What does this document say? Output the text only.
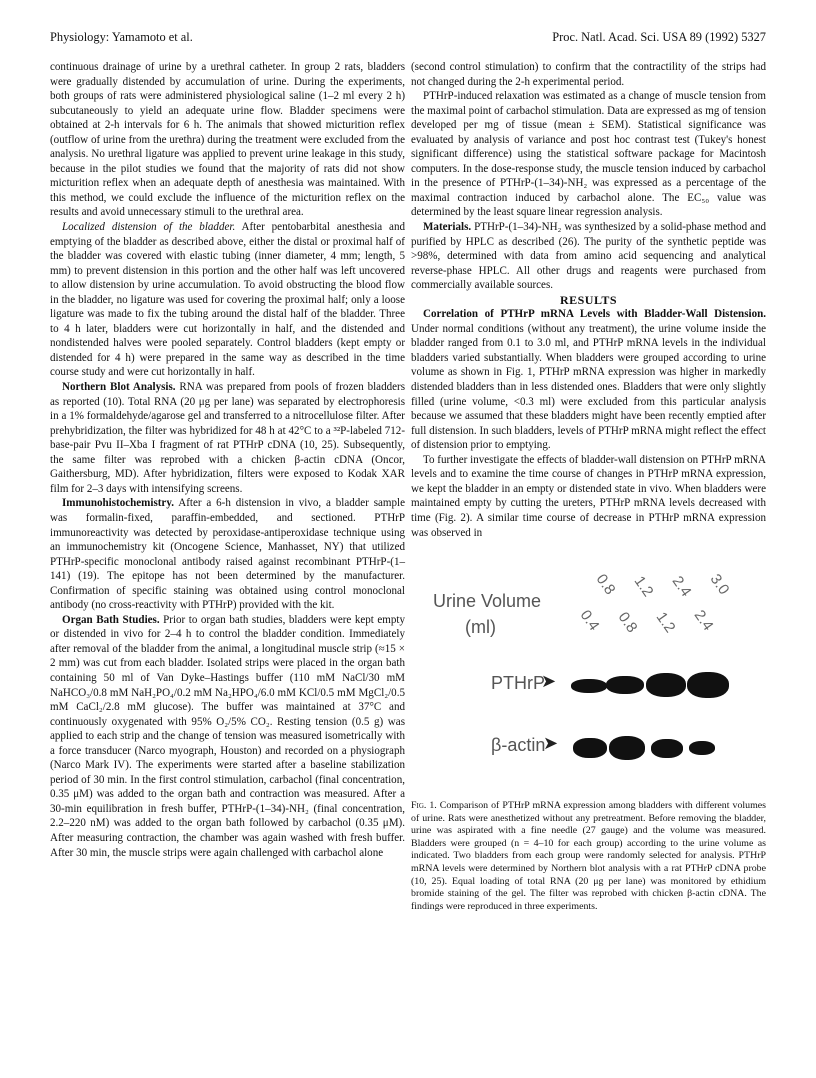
Physiology: Yamamoto et al.	Proc. Natl. Acad. Sci. USA 89 (1992) 5327

continuous drainage of urine by a urethral catheter. In group 2 rats, bladders were gradually distended by accumulation of urine. During the experiments, both groups of rats were administered physiological saline (1–2 ml every 2 h) subcutaneously to yield an adequate urine flow. Bladder specimens were obtained at 2-h intervals for 6 h. The animals that showed micturition reflex (outflow of urine from the urethra) during the treatment were excluded from the analysis. No urethral ligature was applied to prevent urine leakage in this study, because in the pilot studies we found that the majority of rats did not show micturition reflex when an adequate depth of anesthesia was maintained. With this method, we could exclude the influence of the micturition reflex on the results and avoid unnecessary stimuli to the urethral area.

Localized distension of the bladder. After pentobarbital anesthesia and emptying of the bladder as described above, either the distal or proximal half of the bladder was covered with elastic tubing (inner diameter, 4 mm; length, 5 mm) to prevent distension in this portion and the other half was left uncovered to allow distension by urine accumulation. To avoid obstructing the blood flow in the bladder, no ligature was used for covering the proximal half; only a loose ligature was made to fix the tubing around the distal half of the bladder. Three to 4 h later, bladders were cut horizontally in half, and the distended and nondistended halves were pooled separately. Control bladders (kept empty or distended for 4 h) were prepared in the same way as described in the time course study and were cut horizontally in half.

Northern Blot Analysis. RNA was prepared from pools of frozen bladders as reported (10). Total RNA (20 μg per lane) was separated by electrophoresis in a 1% formaldehyde/agarose gel and transferred to a nitrocellulose filter. After prehybridization, the filter was hybridized for 48 h at 42°C to a ³²P-labeled 712-base-pair Pvu II–Xba I fragment of rat PTHrP cDNA (10, 25). Subsequently, the same filter was reprobed with a chicken β-actin cDNA (Oncor, Gaithersburg, MD). After hybridization, filters were exposed to Kodak XAR film for 2–3 days with intensifying screens.

Immunohistochemistry. After a 6-h distension in vivo, a bladder sample was formalin-fixed, paraffin-embedded, and sectioned. PTHrP immunoreactivity was detected by peroxidase-antiperoxidase technique using an immunochemistry kit (Oncogene Science, Manhasset, NY) that utilized PTHrP-specific monoclonal antibody raised against recombinant PTHrP-(1–141) (19). The epitope has not been determined by the manufacturer. Confirmation of specific staining was obtained using control monoclonal antibody (no cross-reactivity with PTHrP) provided with the kit.

Organ Bath Studies. Prior to organ bath studies, bladders were kept empty or distended in vivo for 2–4 h to control the bladder condition. Immediately after removal of the bladder from the animal, a longitudinal muscle strip (≈15 × 2 mm) was cut from each bladder. Isolated strips were placed in the organ bath containing 50 ml of Van Dyke–Hastings buffer (110 mM NaCl/30 mM NaHCO₃/0.8 mM NaH₂PO₄/0.2 mM Na₂HPO₄/6.0 mM KCl/0.5 mM MgCl₂/0.5 mM CaCl₂/2.8 mM glucose). The buffer was maintained at 37°C and continuously oxygenated with 95% O₂/5% CO₂. Resting tension (0.5 g) was applied to each strip and the change of tension was measured isometrically with a force transducer (Narco myograph, Houston) and recorded on a physiograph (Narco Mark IV). The experiments were started after a baseline stabilization period of 30 min. In the first control stimulation, carbachol (final concentration, 0.35 μM) was added to the organ bath and contraction was measured. After a 30-min equilibration in fresh buffer, PTHrP-(1–34)-NH₂ (final concentration, 2.2–220 nM) was added to the organ bath followed by carbachol (0.35 μM). After measuring contraction, the chamber was again washed with fresh buffer. After 30 min, the muscle strips were again challenged with carbachol alone

(second control stimulation) to confirm that the contractility of the strips had not changed during the 2-h experimental period.

PTHrP-induced relaxation was estimated as a change of muscle tension from the maximal point of carbachol stimulation. Data are expressed as mg of tension developed per mg of tissue (mean ± SEM). Statistical significance was evaluated by analysis of variance and post hoc contrast test (Tukey's honest significant difference) using the statistical software package for Macintosh computers. In the dose-response study, the muscle tension induced by carbachol in the presence of PTHrP-(1–34)-NH₂ was expressed as a percentage of the maximal contraction induced by carbachol alone. The EC₅₀ value was determined by the least square linear regression analysis.

Materials. PTHrP-(1–34)-NH₂ was synthesized by a solid-phase method and purified by HPLC as described (26). The purity of the synthetic peptide was >98%, determined with data from amino acid sequencing and analytical reverse-phase HPLC. All other drugs and reagents were purchased from commercially available sources.

RESULTS

Correlation of PTHrP mRNA Levels with Bladder-Wall Distension. Under normal conditions (without any treatment), the urine volume inside the bladder ranged from 0.1 to 3.0 ml, and PTHrP mRNA levels in the individual bladders varied substantially. When bladders were grouped according to urine volume as shown in Fig. 1, PTHrP mRNA expression was higher in markedly distended bladders than in less distended ones. Bladders that were only slightly filled (urine volume, <0.3 ml) were excluded from this particular analysis because we assumed that these bladders might have been recently emptied after full distension. In such bladders, levels of PTHrP mRNA might reflect the effect of distension prior to emptying.

To further investigate the effects of bladder-wall distension on PTHrP mRNA levels and to examine the time course of changes in PTHrP mRNA expression, we kept the bladder in an empty or distended state in vivo. When bladders were maintained empty by cutting the ureters, PTHrP mRNA levels decreased with time (Fig. 2). A similar time course of decrease in PTHrP mRNA expression was observed in

Urine Volume
(ml)
0.8 1.2 2.4 3.0
0.4 0.8 1.2 2.4
PTHrP
➤
β-actin
➤
Fig. 1. Comparison of PTHrP mRNA expression among bladders with different volumes of urine. Rats were anesthetized without any pretreatment. Before removing the bladder, urine was aspirated with a fine needle (27 gauge) and the volume was measured. Bladders were grouped (n = 4–10 for each group) according to the urine volume as indicated. Two bladders from each group were randomly selected for analysis. PTHrP mRNA levels were determined by Northern blot analysis with a rat PTHrP cDNA probe (10, 25). Equal loading of total RNA (20 μg per lane) was monitored by ethidium bromide staining of the gel. The filter was reprobed with chicken β-actin cDNA. The findings were reproduced in three experiments.
